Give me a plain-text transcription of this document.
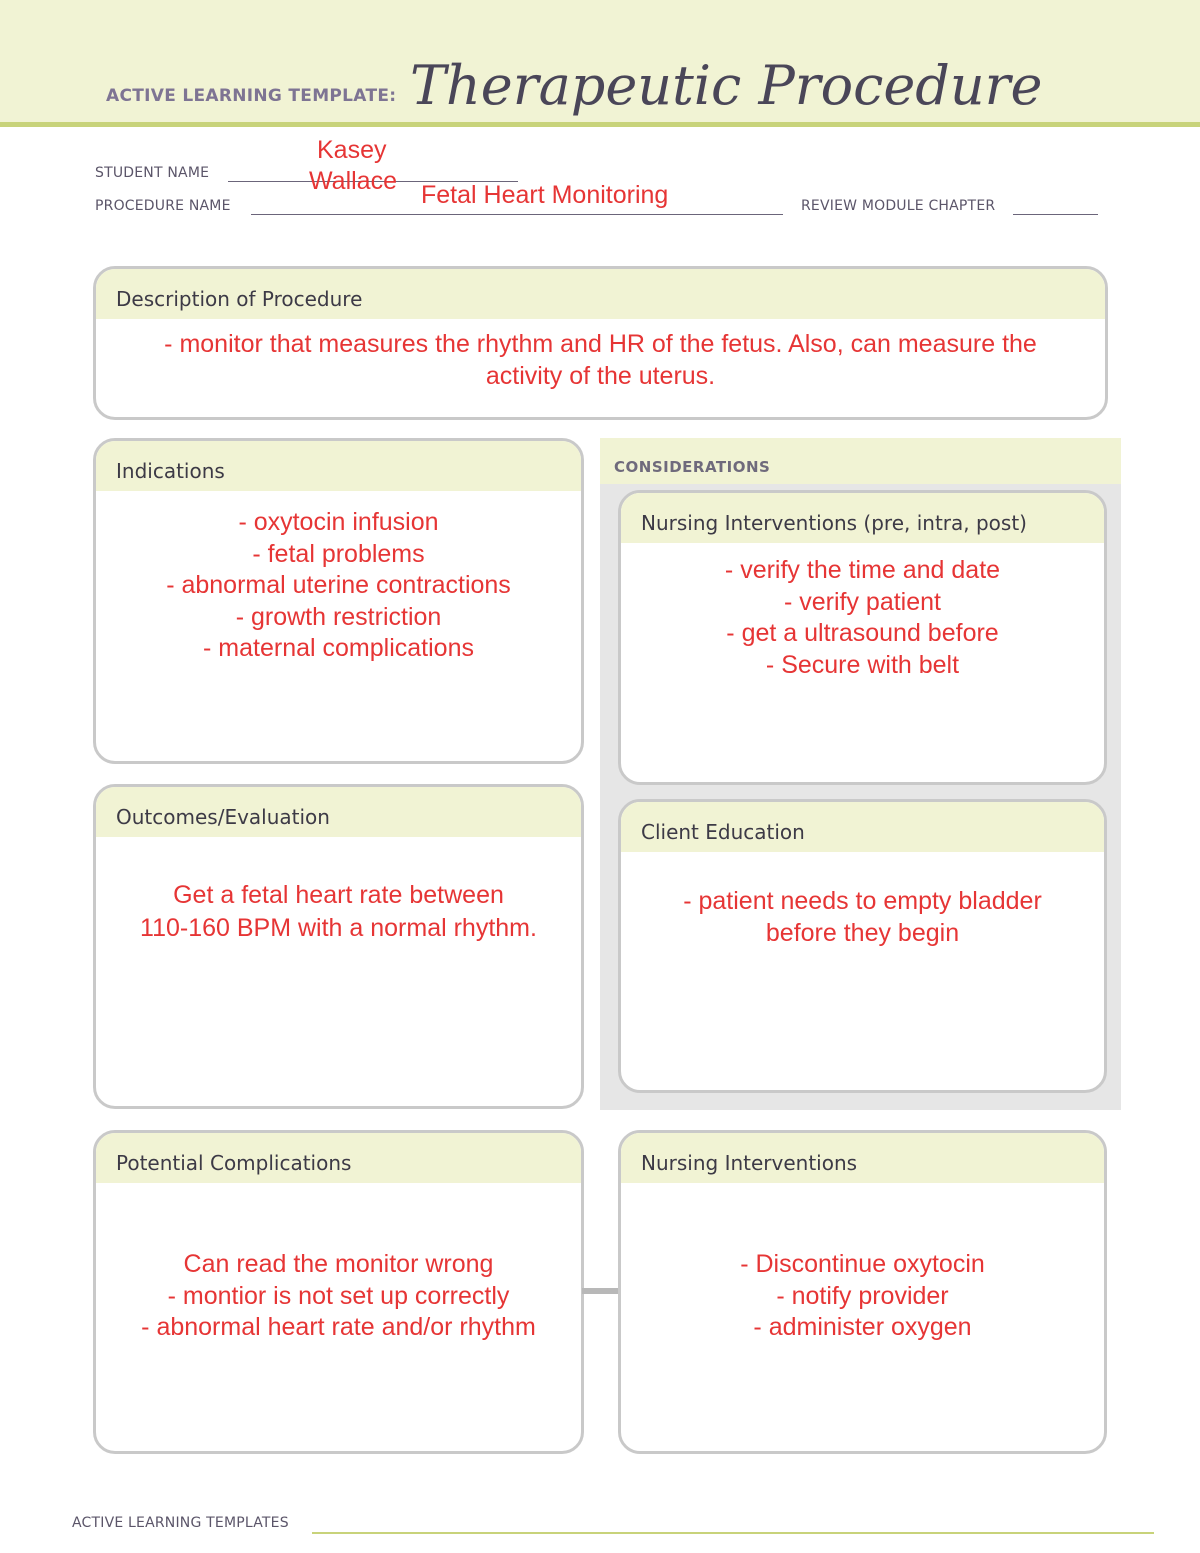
ACTIVE LEARNING TEMPLATE: Therapeutic Procedure
STUDENT NAME
Kasey
Wallace
PROCEDURE NAME	Fetal Heart Monitoring	REVIEW MODULE CHAPTER
Description of Procedure
- monitor that measures the rhythm and HR of the fetus. Also, can measure the
activity of the uterus.
Indications
- oxytocin infusion
- fetal problems
- abnormal uterine contractions
- growth restriction
- maternal complications
CONSIDERATIONS
Nursing Interventions (pre, intra, post)
- verify the time and date
- verify patient
- get a ultrasound before
- Secure with belt
Client Education
- patient needs to empty bladder
before they begin
Outcomes/Evaluation
Get a fetal heart rate between
110-160 BPM with a normal rhythm.
Potential Complications
Can read the monitor wrong
- montior is not set up correctly
- abnormal heart rate and/or rhythm
Nursing Interventions
- Discontinue oxytocin
- notify provider
- administer oxygen
ACTIVE LEARNING TEMPLATES
